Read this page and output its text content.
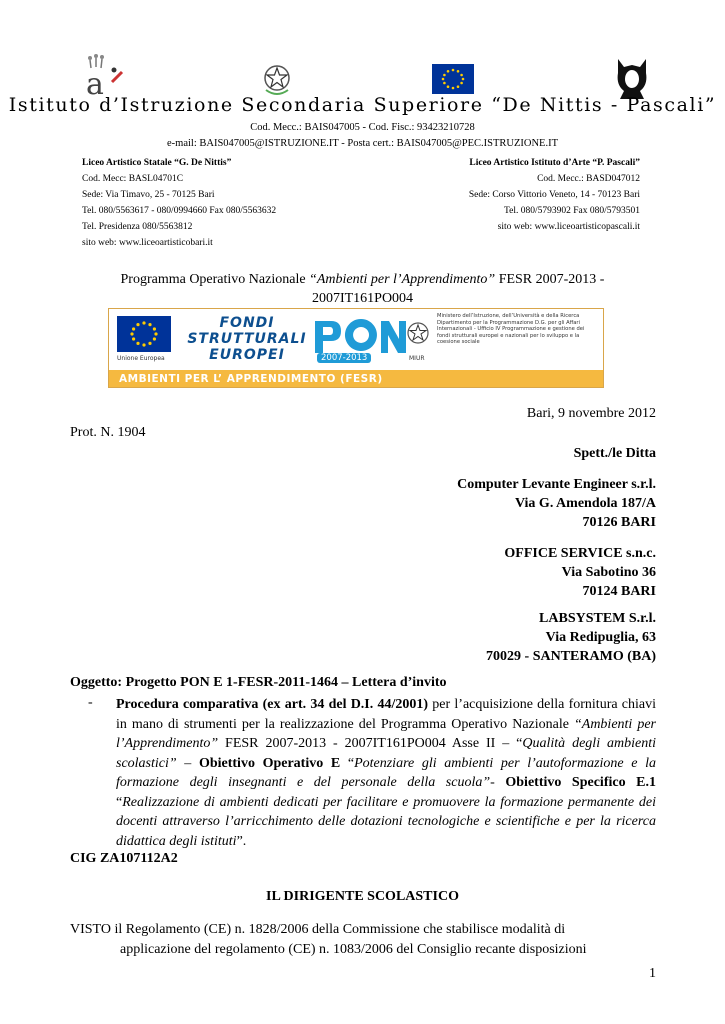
a
Istituto d’Istruzione Secondaria Superiore “De Nittis - Pascali”
Cod. Mecc.: BAIS047005 - Cod. Fisc.: 93423210728
e-mail: BAIS047005@ISTRUZIONE.IT - Posta cert.: BAIS047005@PEC.ISTRUZIONE.IT
Liceo Artistico Statale “G. De Nittis”
Cod. Mecc: BASL04701C
Sede: Via Timavo, 25 - 70125 Bari
Tel. 080/5563617 - 080/0994660 Fax 080/5563632
Tel. Presidenza 080/5563812
sito web: www.liceoartisticobari.it
Liceo Artistico Istituto d’Arte “P. Pascali”
Cod. Mecc.: BASD047012
Sede: Corso Vittorio Veneto, 14 - 70123 Bari
Tel. 080/5793902 Fax 080/5793501
sito web: www.liceoartisticopascali.it
Programma Operativo Nazionale “Ambienti per l’Apprendimento” FESR 2007-2013 - 2007IT161PO004
Unione Europea
FONDI
STRUTTURALI
EUROPEI	2007-2013	MIUR
Ministero dell’Istruzione, dell’Università e della Ricerca Dipartimento per la Programmazione D.G. per gli Affari Internazionali - Ufficio IV Programmazione e gestione dei fondi strutturali europei e nazionali per lo sviluppo e la coesione sociale
AMBIENTI PER L’ APPRENDIMENTO (FESR)
Bari, 9 novembre 2012
Prot. N. 1904
Spett./le Ditta
Computer Levante Engineer s.r.l.
Via G. Amendola 187/A
70126 BARI
OFFICE SERVICE s.n.c.
Via Sabotino 36
70124 BARI
LABSYSTEM S.r.l.
Via Redipuglia, 63
70029 - SANTERAMO (BA)
Oggetto: Progetto PON E 1-FESR-2011-1464 – Lettera d’invito
- Procedura comparativa (ex art. 34 del D.I. 44/2001) per l’acquisizione della fornitura chiavi in mano di strumenti per la realizzazione del Programma Operativo Nazionale “Ambienti per l’Apprendimento” FESR 2007-2013 - 2007IT161PO004 Asse II – “Qualità degli ambienti scolastici” – Obiettivo Operativo E “Potenziare gli ambienti per l’autoformazione e la formazione degli insegnanti e del personale della scuola”- Obiettivo Specifico E.1 “Realizzazione di ambienti dedicati per facilitare e promuovere la formazione permanente dei docenti attraverso l’arricchimento delle dotazioni tecnologiche e scientifiche e per la ricerca didattica degli istituti”.
CIG ZA107112A2
IL DIRIGENTE SCOLASTICO
VISTO il Regolamento (CE) n. 1828/2006 della Commissione che stabilisce modalità di
applicazione del regolamento (CE) n. 1083/2006 del Consiglio recante disposizioni
1
